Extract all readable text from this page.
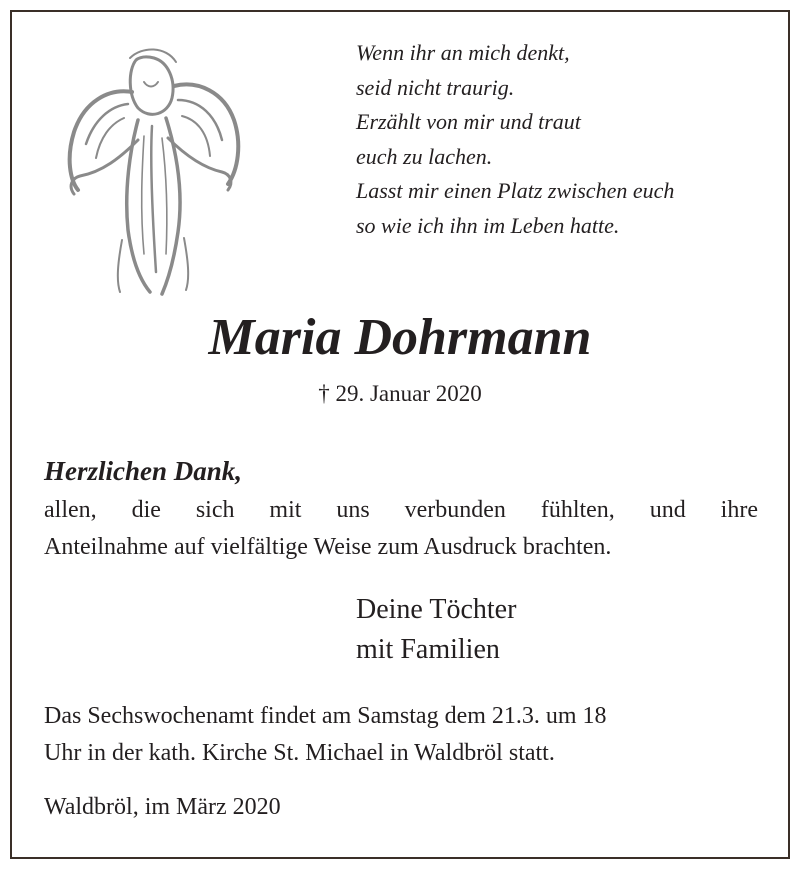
Wenn ihr an mich denkt,
seid nicht traurig.
Erzählt von mir und traut
euch zu lachen.
Lasst mir einen Platz zwischen euch
so wie ich ihn im Leben hatte.
Maria Dohrmann
† 29. Januar 2020
Herzlichen Dank,
allen, die sich mit uns verbunden fühlten, und ihre
Anteilnahme auf vielfältige Weise zum Ausdruck brachten.
Deine Töchter
mit Familien
Das Sechswochenamt findet am Samstag dem 21.3. um 18
Uhr in der kath. Kirche St. Michael in Waldbröl statt.
Waldbröl, im März 2020
